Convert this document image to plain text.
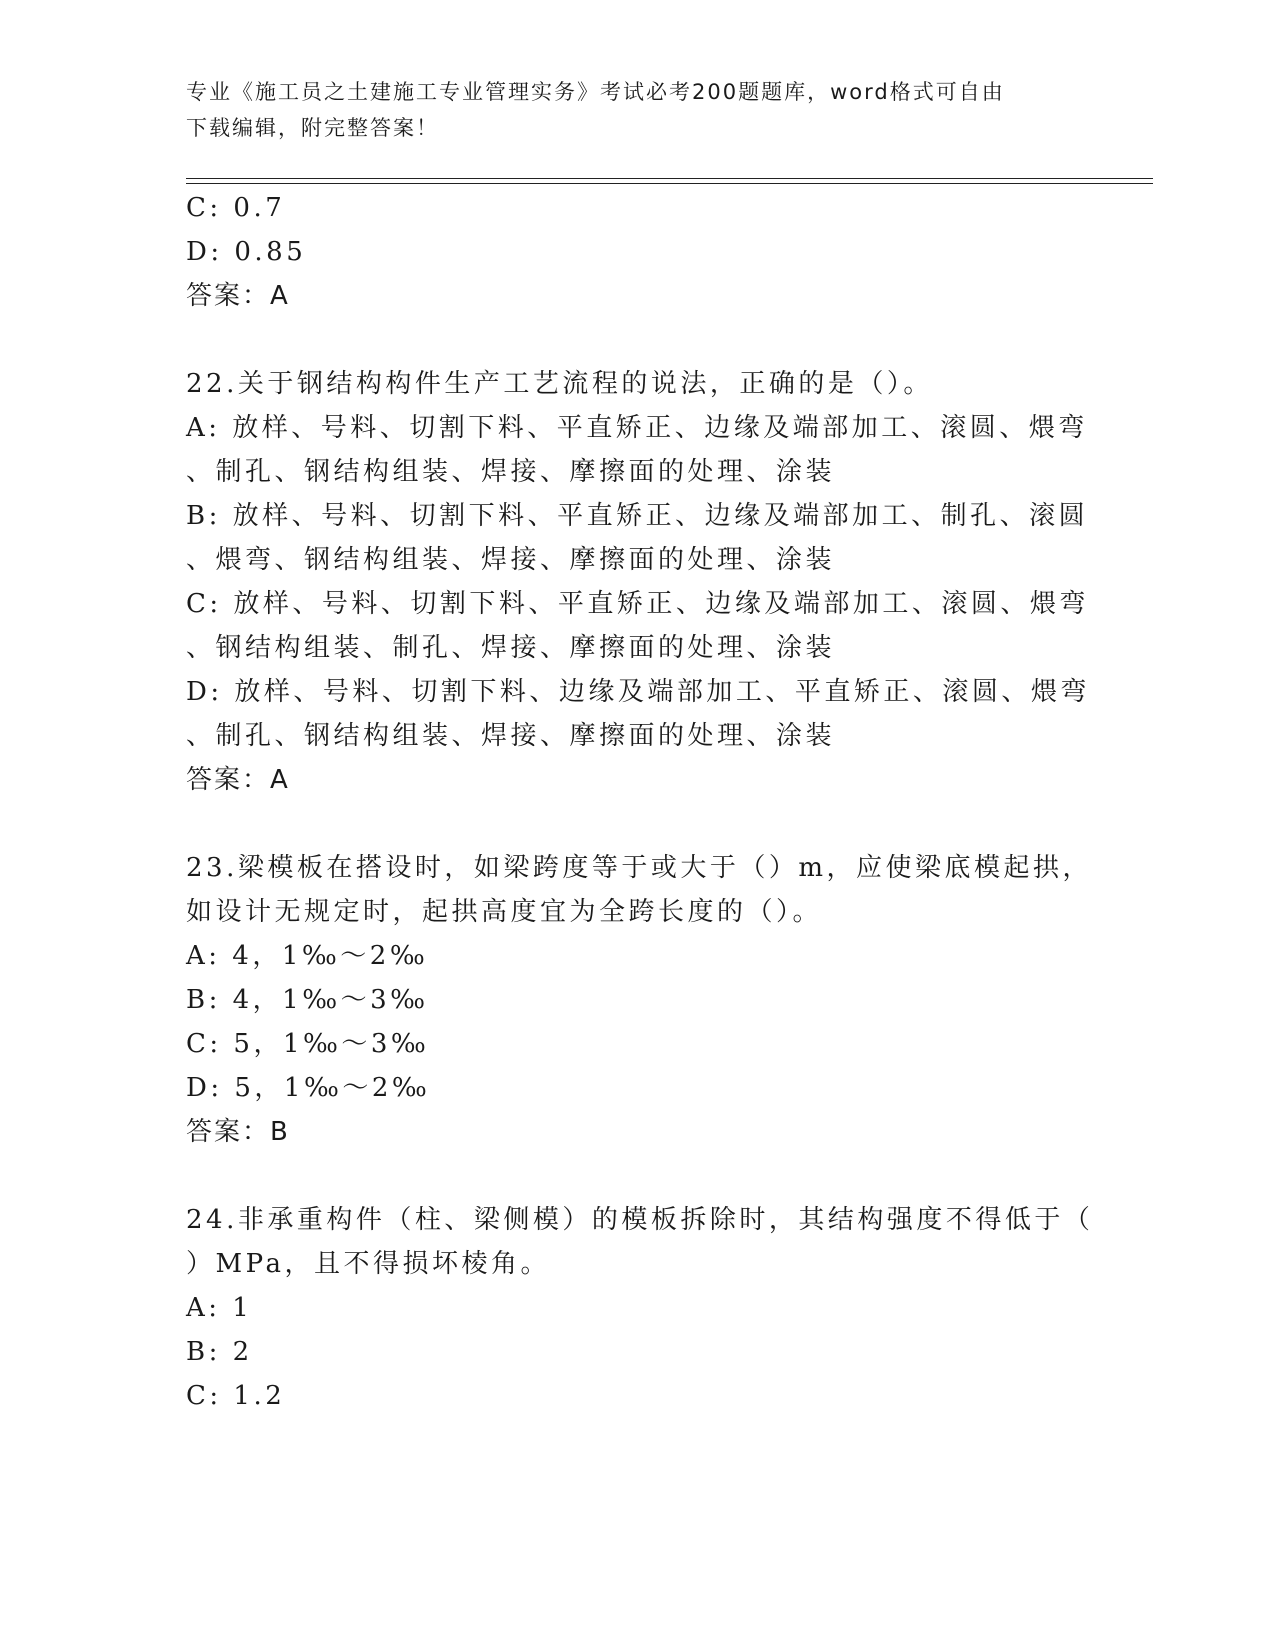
专业《施工员之土建施工专业管理实务》考试必考200题题库，word格式可自由
下载编辑，附完整答案！
C: 0.7
D: 0.85
答案：A
22.关于钢结构构件生产工艺流程的说法，正确的是（）。
A: 放样、号料、切割下料、平直矫正、边缘及端部加工、滚圆、煨弯
、制孔、钢结构组装、焊接、摩擦面的处理、涂装
B: 放样、号料、切割下料、平直矫正、边缘及端部加工、制孔、滚圆
、煨弯、钢结构组装、焊接、摩擦面的处理、涂装
C: 放样、号料、切割下料、平直矫正、边缘及端部加工、滚圆、煨弯
、钢结构组装、制孔、焊接、摩擦面的处理、涂装
D: 放样、号料、切割下料、边缘及端部加工、平直矫正、滚圆、煨弯
、制孔、钢结构组装、焊接、摩擦面的处理、涂装
答案：A
23.梁模板在搭设时，如梁跨度等于或大于（）m，应使梁底模起拱，
如设计无规定时，起拱高度宜为全跨长度的（）。
A: 4，1‰～2‰
B: 4，1‰～3‰
C: 5，1‰～3‰
D: 5，1‰～2‰
答案：B
24.非承重构件（柱、梁侧模）的模板拆除时，其结构强度不得低于（
）MPa，且不得损坏棱角。
A: 1
B: 2
C: 1.2
